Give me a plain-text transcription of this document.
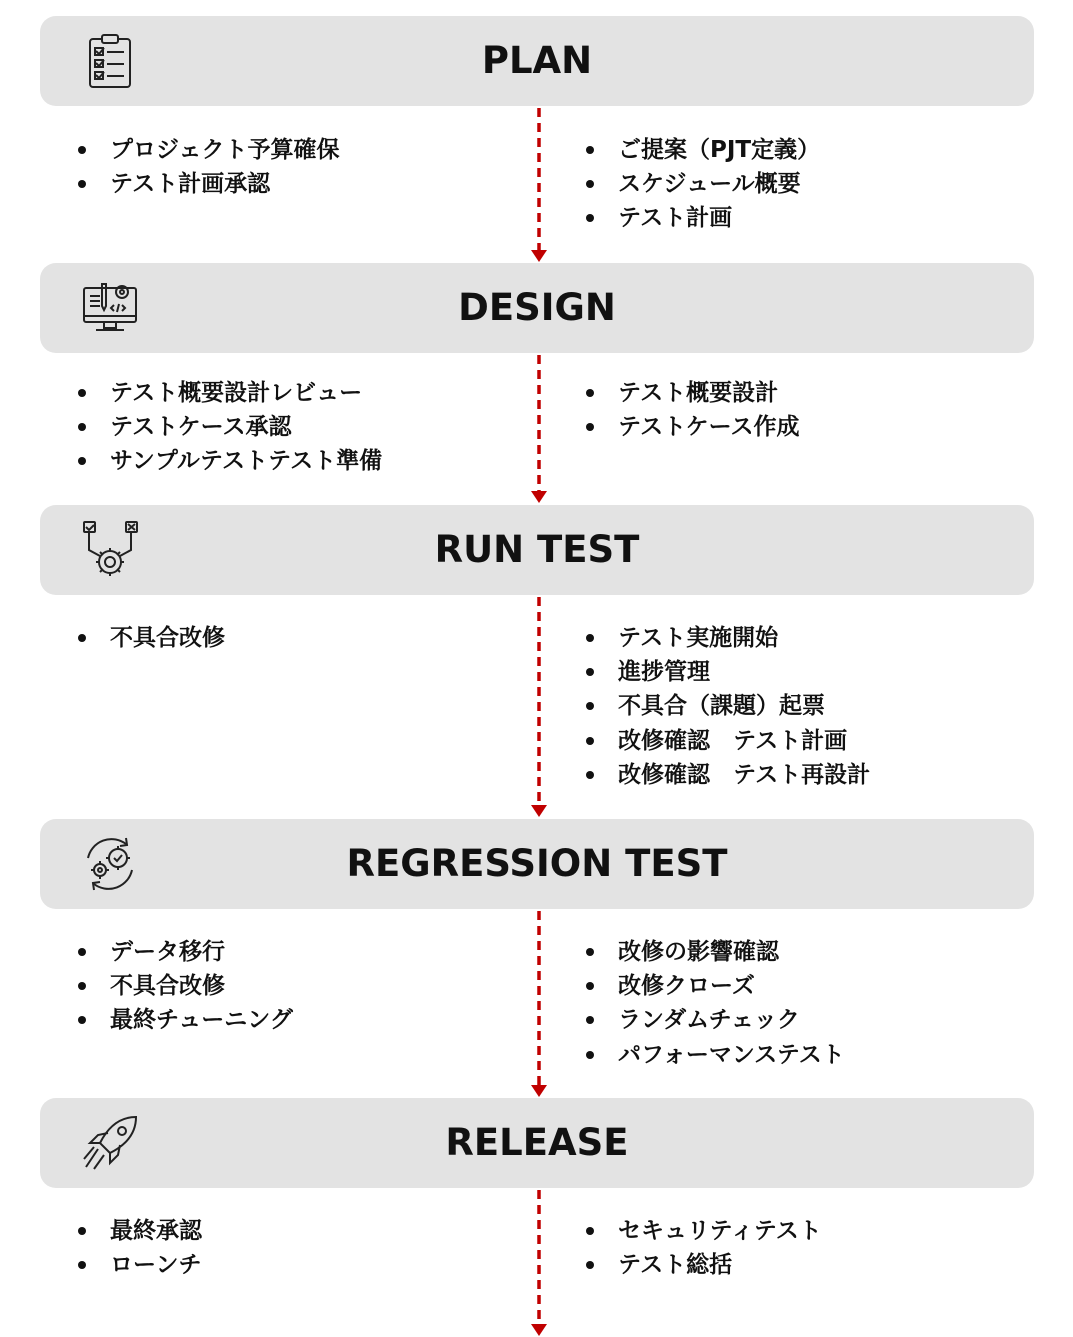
PLAN
プロジェクト予算確保
テスト計画承認
ご提案（PJT定義）
スケジュール概要
テスト計画
DESIGN
テスト概要設計レビュー
テストケース承認
サンプルテストテスト準備
テスト概要設計
テストケース作成
RUN TEST
不具合改修	テスト実施開始
進捗管理
不具合（課題）起票
改修確認　テスト計画
改修確認　テスト再設計
REGRESSION TEST
データ移行
不具合改修
最終チューニング
改修の影響確認
改修クローズ
ランダムチェック
パフォーマンステスト
RELEASE
最終承認
ローンチ
セキュリティテスト
テスト総括
